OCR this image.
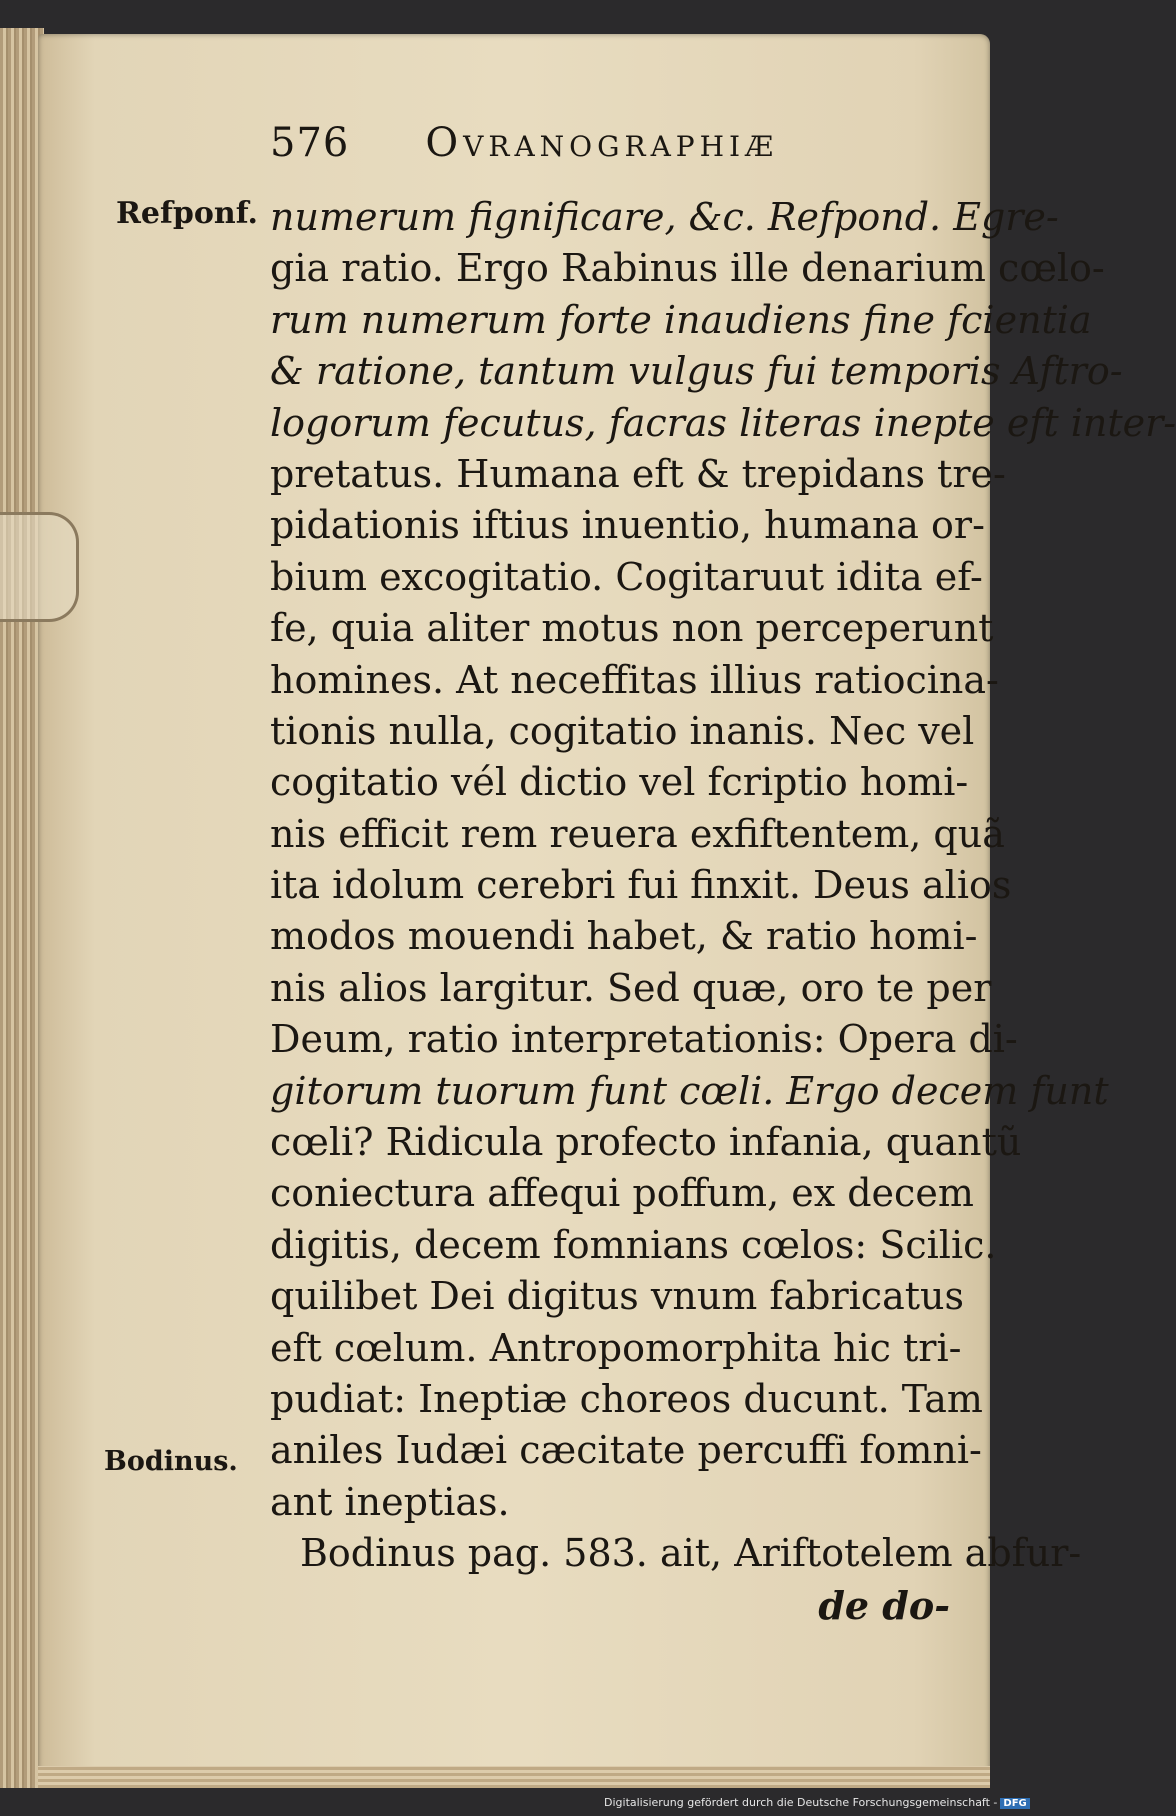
576 Ovranographiæ
Refponf.
Bodinus.
numerum fignificare, &c. Refpond. Egre-
gia ratio. Ergo Rabinus ille denarium cœlo-
rum numerum forte inaudiens fine fcientia
& ratione, tantum vulgus fui temporis Aftro-
logorum fecutus, facras literas inepte eft inter-
pretatus. Humana eft & trepidans tre-
pidationis iftius inuentio, humana or-
bium excogitatio. Cogitaruut idita ef-
fe, quia aliter motus non perceperunt
homines. At neceffitas illius ratiocina-
tionis nulla, cogitatio inanis. Nec vel
cogitatio vél dictio vel fcriptio homi-
nis efficit rem reuera exfiftentem, quã
ita idolum cerebri fui finxit. Deus alios
modos mouendi habet, & ratio homi-
nis alios largitur. Sed quæ, oro te per
Deum, ratio interpretationis: Opera di-
gitorum tuorum funt cœli. Ergo decem funt
cœli? Ridicula profecto infania, quantũ
coniectura affequi poffum, ex decem
digitis, decem fomnians cœlos: Scilic.
quilibet Dei digitus vnum fabricatus
eft cœlum. Antropomorphita hic tri-
pudiat: Ineptiæ choreos ducunt. Tam
aniles Iudæi cæcitate percuffi fomni-
ant ineptias.
Bodinus pag. 583. ait, Ariftotelem abfur-
de do-
Digitalisierung gefördert durch die Deutsche Forschungsgemeinschaft - DFG
